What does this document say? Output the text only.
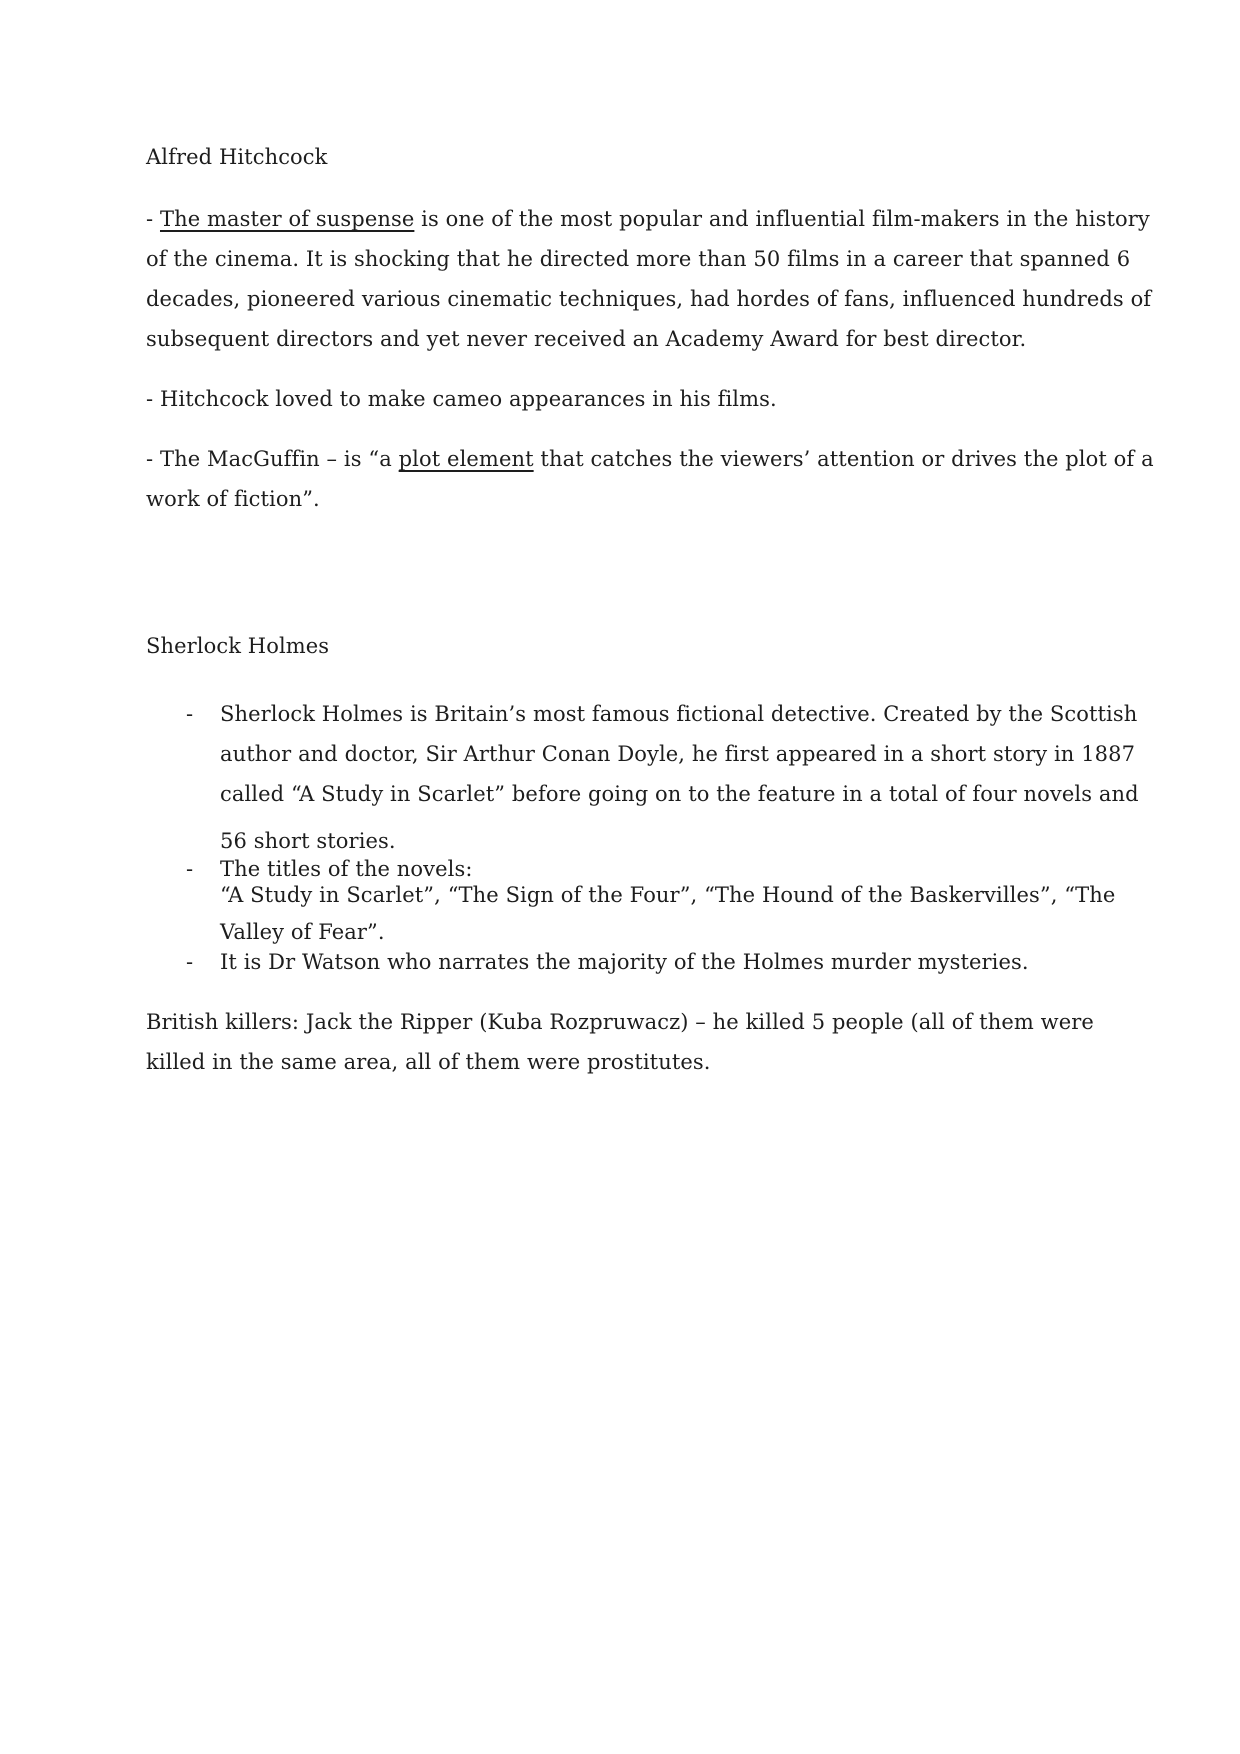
Alfred Hitchcock
- The master of suspense is one of the most popular and influential film-makers in the history
of the cinema. It is shocking that he directed more than 50 films in a career that spanned 6
decades, pioneered various cinematic techniques, had hordes of fans, influenced hundreds of
subsequent directors and yet never received an Academy Award for best director.
- Hitchcock loved to make cameo appearances in his films.
- The MacGuffin – is “a plot element that catches the viewers’ attention or drives the plot of a
work of fiction”.
Sherlock Holmes
- Sherlock Holmes is Britain’s most famous fictional detective. Created by the Scottish
author and doctor, Sir Arthur Conan Doyle, he first appeared in a short story in 1887
called “A Study in Scarlet” before going on to the feature in a total of four novels and
56 short stories.
- The titles of the novels:
“A Study in Scarlet”, “The Sign of the Four”, “The Hound of the Baskervilles”, “The
Valley of Fear”.
- It is Dr Watson who narrates the majority of the Holmes murder mysteries.
British killers: Jack the Ripper (Kuba Rozpruwacz) – he killed 5 people (all of them were
killed in the same area, all of them were prostitutes.
